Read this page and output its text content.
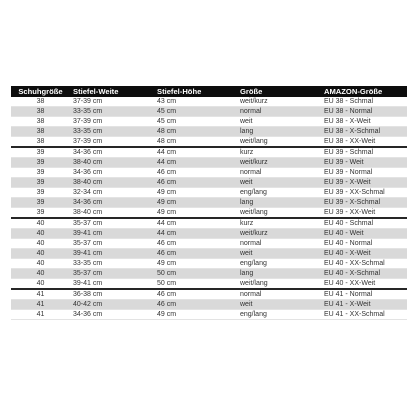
Schuhgröße	Stiefel-Weite	Stiefel-Höhe	Größe	AMAZON-Größe
38	37-39 cm	43 cm	weit/kurz	EU 38 - Schmal
38	33-35 cm	45 cm	normal	EU 38 - Normal
38	37-39 cm	45 cm	weit	EU 38 - X-Weit
38	33-35 cm	48 cm	lang	EU 38 - X-Schmal
38	37-39 cm	48 cm	weit/lang	EU 38 - XX-Weit
39	34-36 cm	44 cm	kurz	EU 39 - Schmal
39	38-40 cm	44 cm	weit/kurz	EU 39 - Weit
39	34-36 cm	46 cm	normal	EU 39 - Normal
39	38-40 cm	46 cm	weit	EU 39 - X-Weit
39	32-34 cm	49 cm	eng/lang	EU 39 - XX-Schmal
39	34-36 cm	49 cm	lang	EU 39 - X-Schmal
39	38-40 cm	49 cm	weit/lang	EU 39 - XX-Weit
40	35-37 cm	44 cm	kurz	EU 40 - Schmal
40	39-41 cm	44 cm	weit/kurz	EU 40 - Weit
40	35-37 cm	46 cm	normal	EU 40 - Normal
40	39-41 cm	46 cm	weit	EU 40 - X-Weit
40	33-35 cm	49 cm	eng/lang	EU 40 - XX-Schmal
40	35-37 cm	50 cm	lang	EU 40 - X-Schmal
40	39-41 cm	50 cm	weit/lang	EU 40 - XX-Weit
41	36-38 cm	46 cm	normal	EU 41 - Normal
41	40-42 cm	46 cm	weit	EU 41 - X-Weit
41	34-36 cm	49 cm	eng/lang	EU 41 - XX-Schmal
